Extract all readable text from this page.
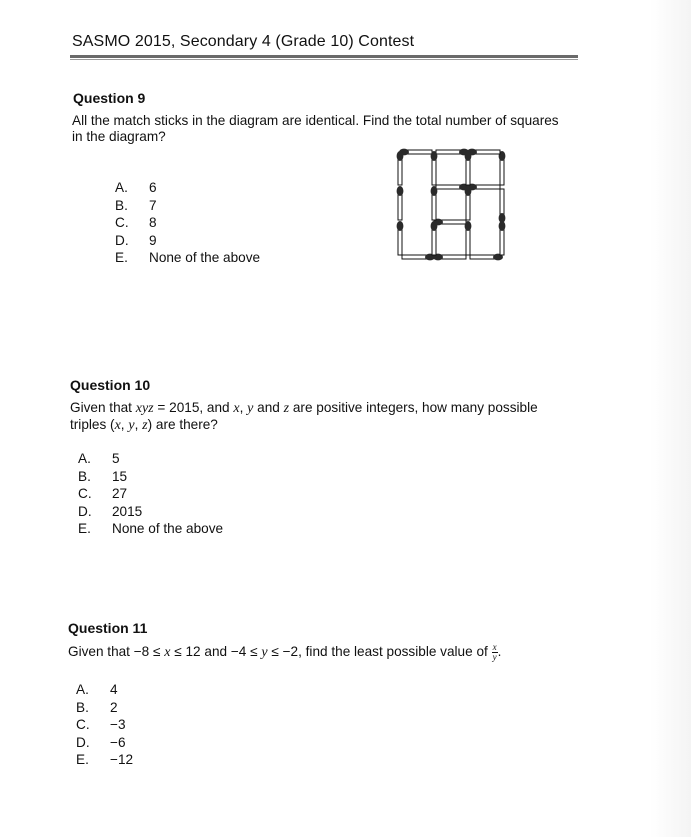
SASMO 2015, Secondary 4 (Grade 10) Contest
Question 9
All the match sticks in the diagram are identical. Find the total number of squares
in the diagram?
A.	6
B.	7
C.	8
D.	9
E.	None of the above
Question 10
Given that xyz = 2015, and x, y and z are positive integers, how many possible
triples (x, y, z) are there?
A.	5
B.	15
C.	27
D.	2015
E.	None of the above
Question 11
Given that −8 ≤ x ≤ 12 and −4 ≤ y ≤ −2, find the least possible value of $\frac{x}{y}$ .
A.	4
B.	2
C.	−3
D.	−6
E.	−12
